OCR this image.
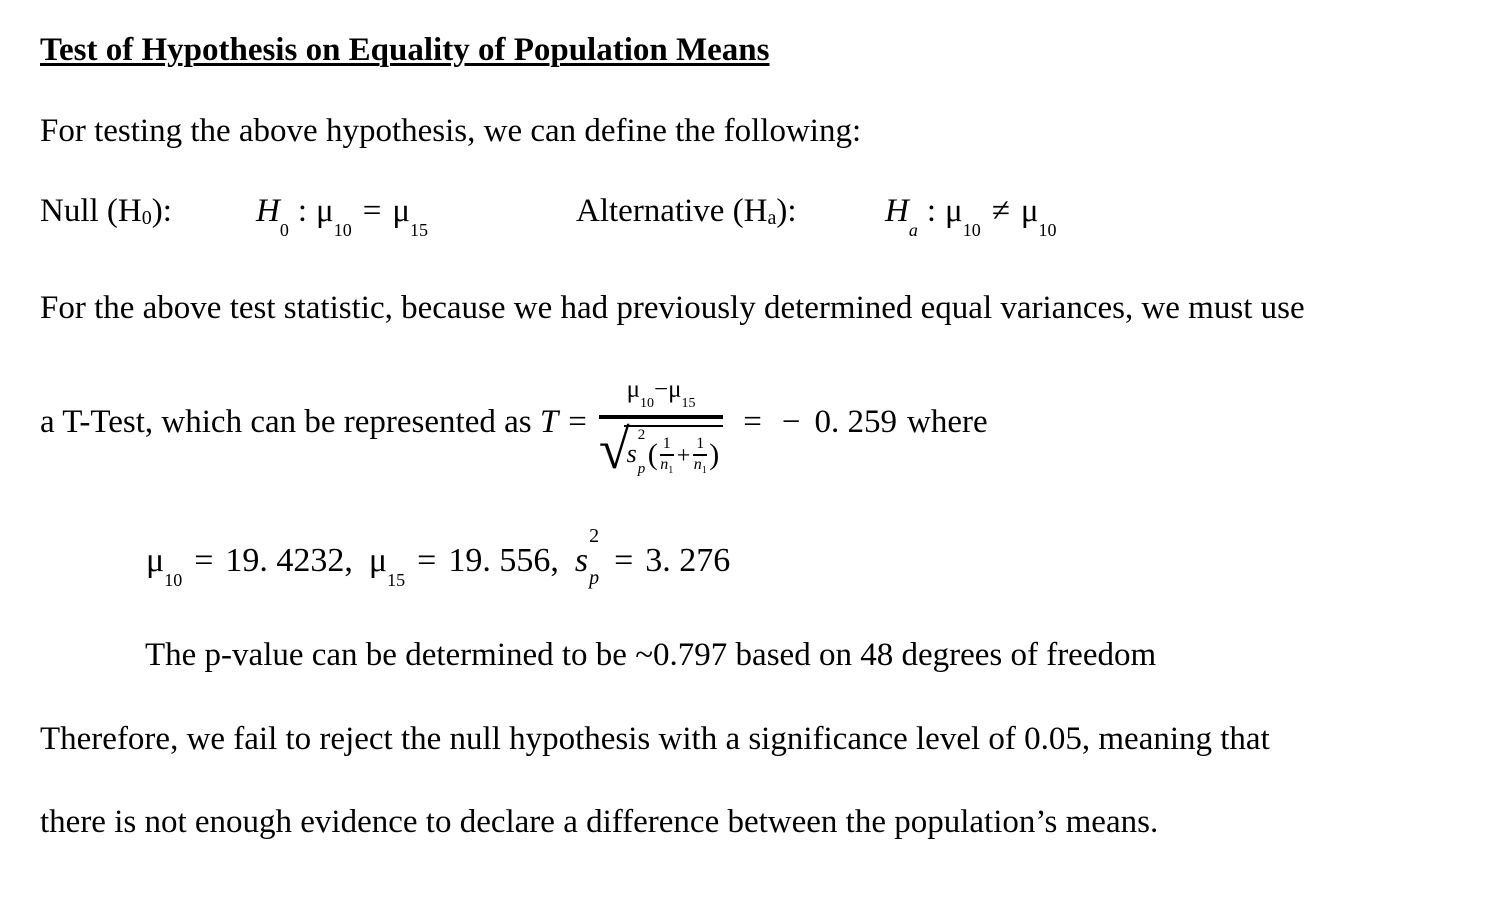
Test of Hypothesis on Equality of Population Means
For testing the above hypothesis, we can define the following:
Null (H0):	$H_0$: $\mu_{10}= \mu_{15}$
Alternative (Ha):	$H_a$: $\mu_{10}\ne \mu_{10}$
For the above test statistic, because we had previously determined equal variances, we must use
a T-Test, which can be represented as $T = \mu_{10}-\mu_{15}$
√
s
2
p ( $\frac{1}{n_1} + \frac{1}{n_1}$ ) = − 0. 259 where
$\mu_{10}= 19$. 4232, $\mu_{15}= 19$. 556, s
2
p = 3. 276
The p-value can be determined to be ~0.797 based on 48 degrees of freedom
Therefore, we fail to reject the null hypothesis with a significance level of 0.05, meaning that
there is not enough evidence to declare a difference between the population’s means.
